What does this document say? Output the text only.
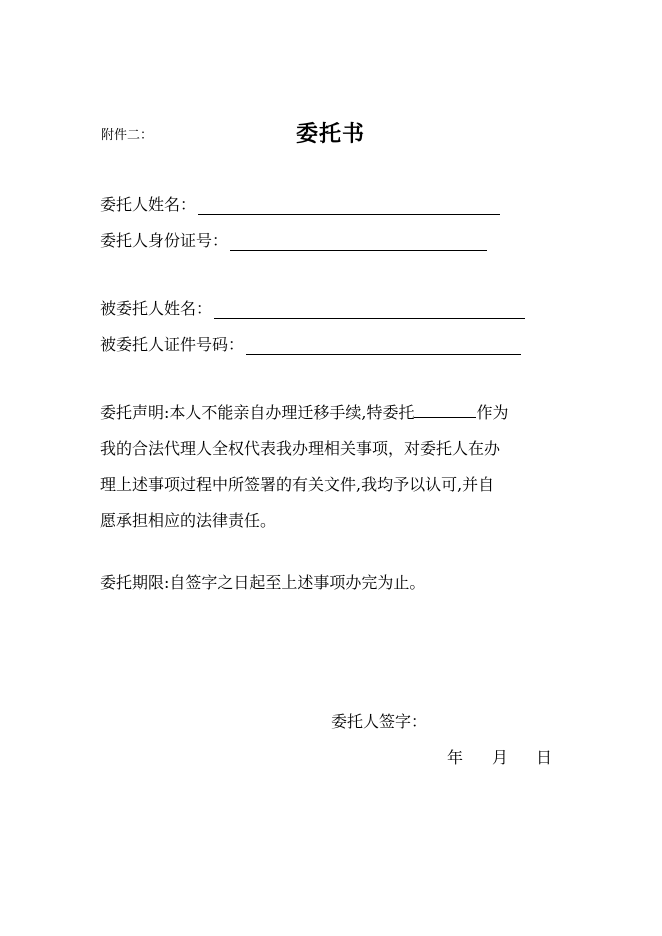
附件二：	委托书
委托人姓名：
委托人身份证号：
被委托人姓名：
被委托人证件号码：
委托声明:本人不能亲自办理迁移手续,特委托	作为
我的合法代理人全权代表我办理相关事项，对委托人在办
理上述事项过程中所签署的有关文件,我均予以认可,并自
愿承担相应的法律责任。
委托期限:自签字之日起至上述事项办完为止。
委托人签字：
年 月 日
